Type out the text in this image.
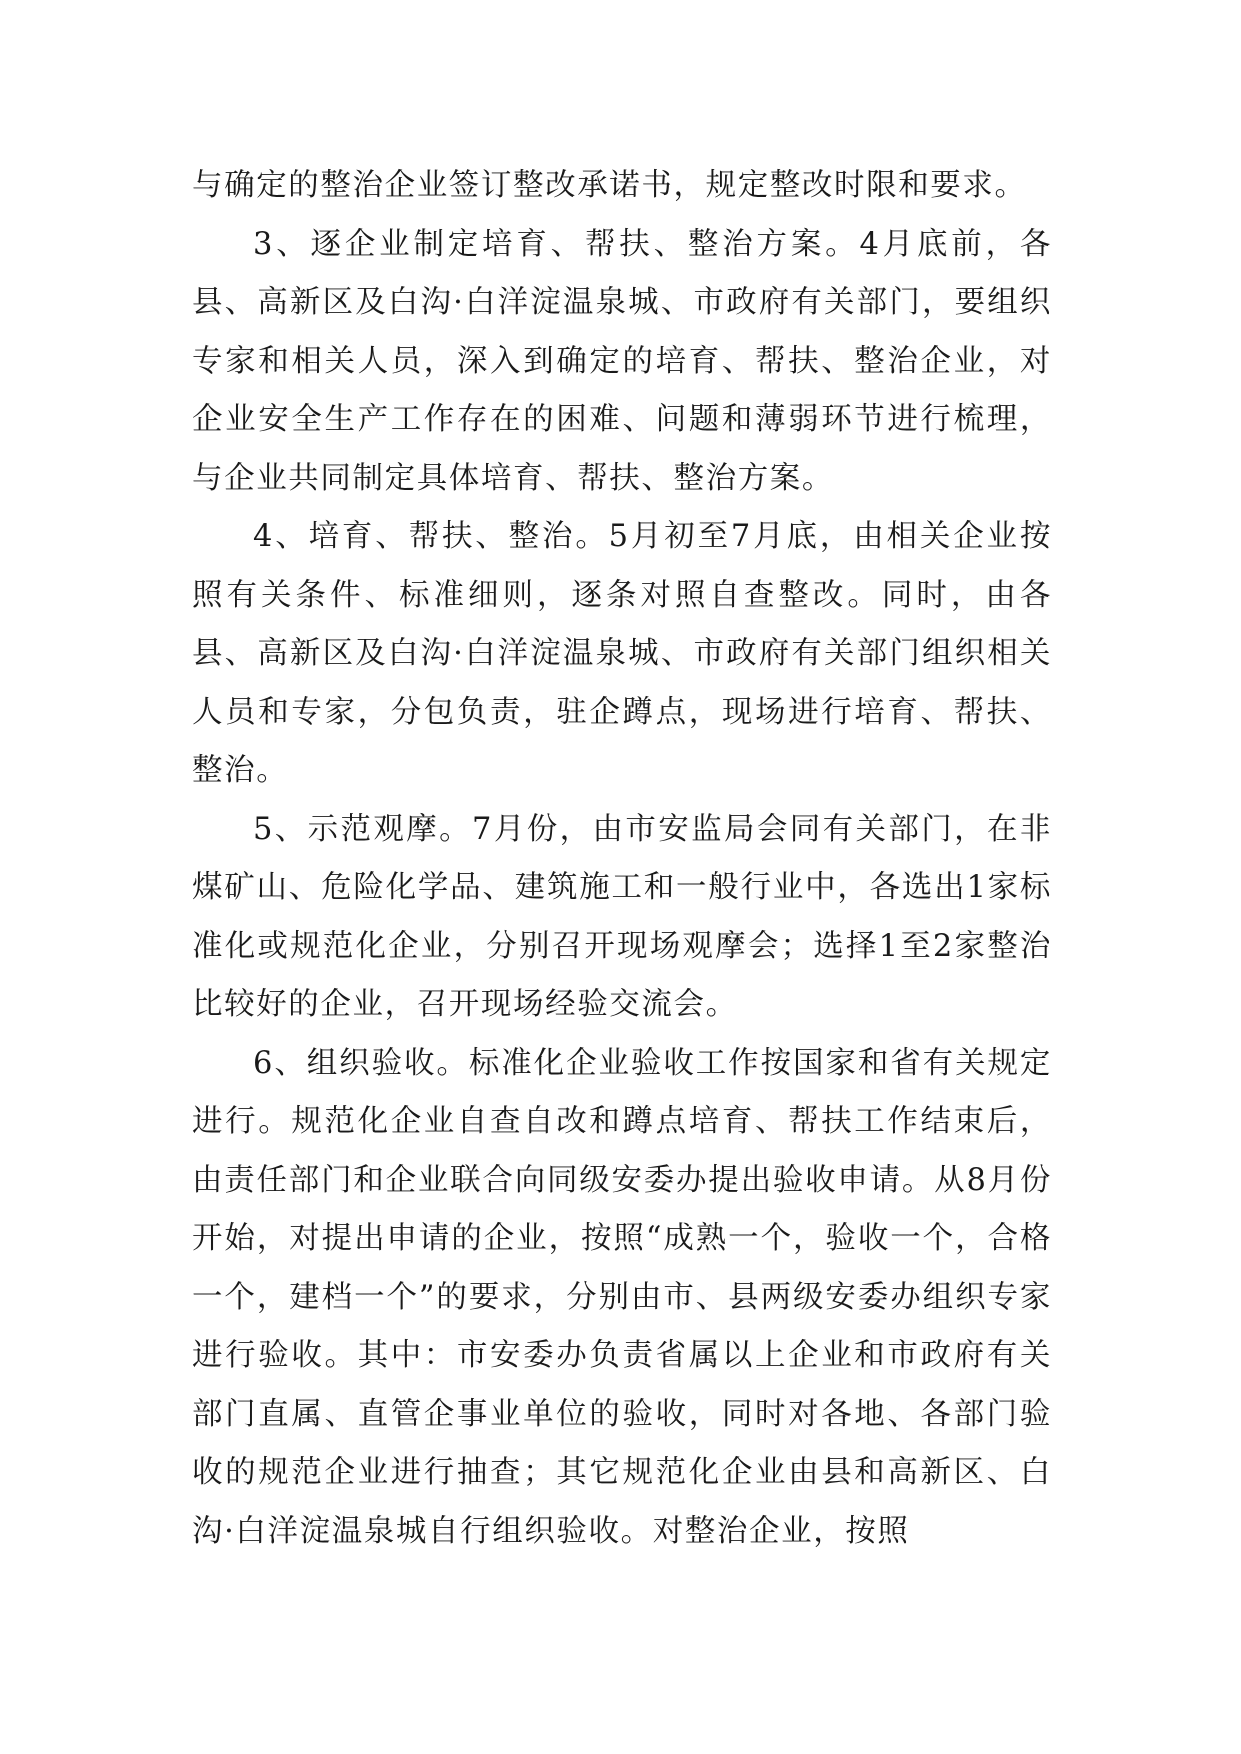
与确定的整治企业签订整改承诺书，规定整改时限和要求。

3、逐企业制定培育、帮扶、整治方案。4月底前，各县、高新区及白沟·白洋淀温泉城、市政府有关部门，要组织专家和相关人员，深入到确定的培育、帮扶、整治企业，对企业安全生产工作存在的困难、问题和薄弱环节进行梳理，与企业共同制定具体培育、帮扶、整治方案。

4、培育、帮扶、整治。5月初至7月底，由相关企业按照有关条件、标准细则，逐条对照自查整改。同时，由各县、高新区及白沟·白洋淀温泉城、市政府有关部门组织相关人员和专家，分包负责，驻企蹲点，现场进行培育、帮扶、整治。

5、示范观摩。7月份，由市安监局会同有关部门，在非煤矿山、危险化学品、建筑施工和一般行业中，各选出1家标准化或规范化企业，分别召开现场观摩会；选择1至2家整治比较好的企业，召开现场经验交流会。

6、组织验收。标准化企业验收工作按国家和省有关规定进行。规范化企业自查自改和蹲点培育、帮扶工作结束后，由责任部门和企业联合向同级安委办提出验收申请。从8月份开始，对提出申请的企业，按照“成熟一个，验收一个，合格一个，建档一个”的要求，分别由市、县两级安委办组织专家进行验收。其中：市安委办负责省属以上企业和市政府有关部门直属、直管企事业单位的验收，同时对各地、各部门验收的规范企业进行抽查；其它规范化企业由县和高新区、白沟·白洋淀温泉城自行组织验收。对整治企业，按照
